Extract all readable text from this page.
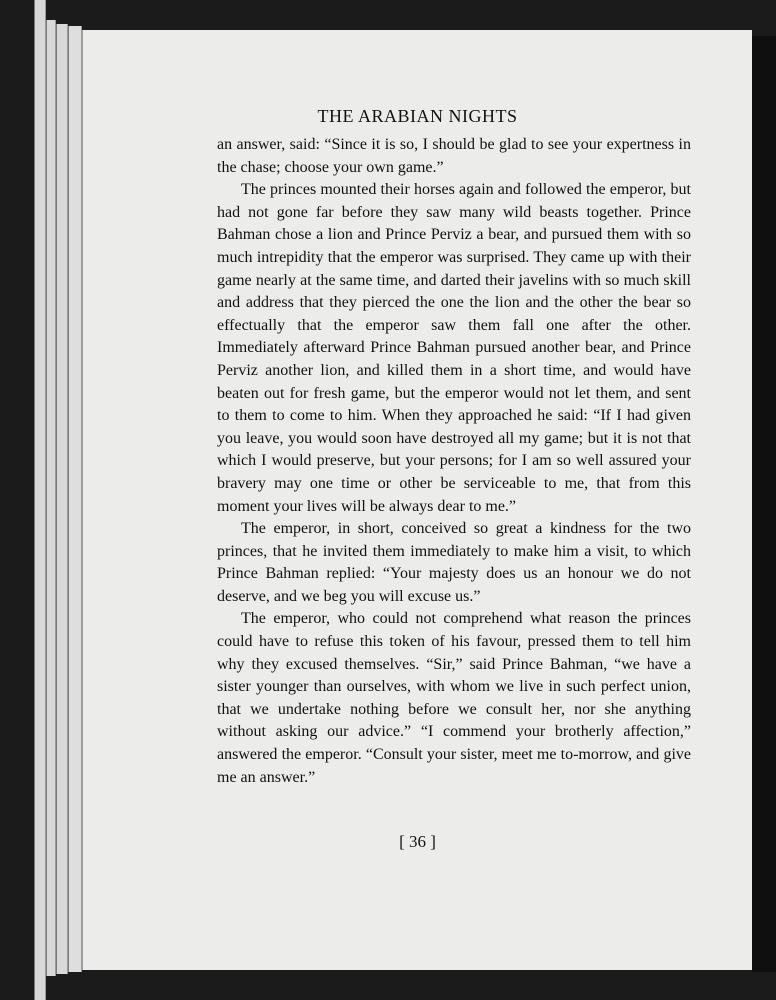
THE ARABIAN NIGHTS

an answer, said: “Since it is so, I should be glad to see your expertness in the chase; choose your own game.”

The princes mounted their horses again and followed the emperor, but had not gone far before they saw many wild beasts together. Prince Bahman chose a lion and Prince Perviz a bear, and pursued them with so much intrepidity that the emperor was surprised. They came up with their game nearly at the same time, and darted their javelins with so much skill and address that they pierced the one the lion and the other the bear so effectually that the emperor saw them fall one after the other. Immediately afterward Prince Bahman pursued another bear, and Prince Perviz another lion, and killed them in a short time, and would have beaten out for fresh game, but the emperor would not let them, and sent to them to come to him. When they approached he said: “If I had given you leave, you would soon have destroyed all my game; but it is not that which I would preserve, but your persons; for I am so well assured your bravery may one time or other be serviceable to me, that from this moment your lives will be always dear to me.”

The emperor, in short, conceived so great a kindness for the two princes, that he invited them immediately to make him a visit, to which Prince Bahman replied: “Your majesty does us an honour we do not deserve, and we beg you will excuse us.”

The emperor, who could not comprehend what reason the princes could have to refuse this token of his favour, pressed them to tell him why they excused themselves. “Sir,” said Prince Bahman, “we have a sister younger than ourselves, with whom we live in such perfect union, that we undertake nothing before we consult her, nor she anything without asking our advice.” “I commend your brotherly affection,” answered the emperor. “Consult your sister, meet me to-morrow, and give me an answer.”

[ 36 ]
